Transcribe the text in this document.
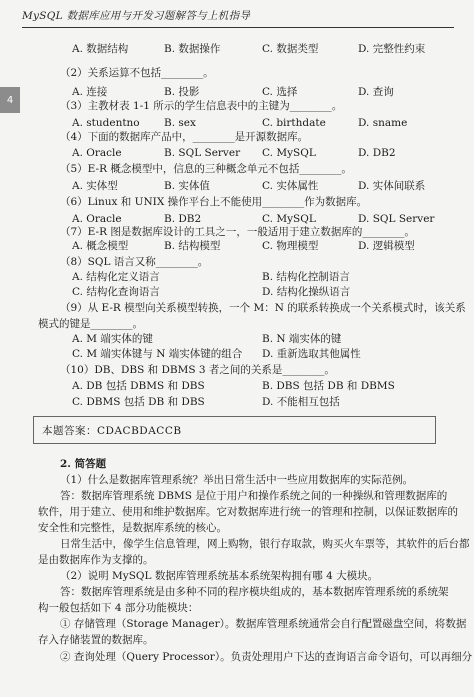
MySQL 数据库应用与开发习题解答与上机指导
4
A. 数据结构	B. 数据操作	C. 数据类型	D. 完整性约束
（2）关系运算不包括________。
A. 连接	B. 投影	C. 选择	D. 查询
（3）主教材表 1-1 所示的学生信息表中的主键为________。
A. studentno B. sex	C. birthdate	D. sname
（4）下面的数据库产品中，________是开源数据库。
A. Oracle	B. SQL Server C. MySQL	D. DB2
（5）E-R 概念模型中，信息的三种概念单元不包括________。
A. 实体型	B. 实体值	C. 实体属性	D. 实体间联系
（6）Linux 和 UNIX 操作平台上不能使用________作为数据库。
A. Oracle	B. DB2	C. MySQL	D. SQL Server
（7）E-R 图是数据库设计的工具之一，一般适用于建立数据库的________。
A. 概念模型	B. 结构模型	C. 物理模型	D. 逻辑模型
（8）SQL 语言又称________。
A. 结构化定义语言	B. 结构化控制语言
C. 结构化查询语言	D. 结构化操纵语言
（9）从 E-R 模型向关系模型转换，一个 M：N 的联系转换成一个关系模式时，该关系
模式的键是________。
A. M 端实体的键	B. N 端实体的键
C. M 端实体键与 N 端实体键的组合 D. 重新选取其他属性
（10）DB、DBS 和 DBMS 3 者之间的关系是________。
A. DB 包括 DBMS 和 DBS	B. DBS 包括 DB 和 DBMS
C. DBMS 包括 DB 和 DBS	D. 不能相互包括
本题答案：CDACBDACCB
2. 简答题
（1）什么是数据库管理系统？举出日常生活中一些应用数据库的实际范例。
答：数据库管理系统 DBMS 是位于用户和操作系统之间的一种操纵和管理数据库的
软件，用于建立、使用和维护数据库。它对数据库进行统一的管理和控制，以保证数据库的
安全性和完整性，是数据库系统的核心。
日常生活中，像学生信息管理，网上购物，银行存取款，购买火车票等，其软件的后台都
是由数据库作为支撑的。
（2）说明 MySQL 数据库管理系统基本系统架构拥有哪 4 大模块。
答：数据库管理系统是由多种不同的程序模块组成的，基本数据库管理系统的系统架
构一般包括如下 4 部分功能模块：
① 存储管理（Storage Manager）。数据库管理系统通常会自行配置磁盘空间，将数据
存入存储装置的数据库。
② 查询处理（Query Processor）。负责处理用户下达的查询语言命令语句，可以再细分
